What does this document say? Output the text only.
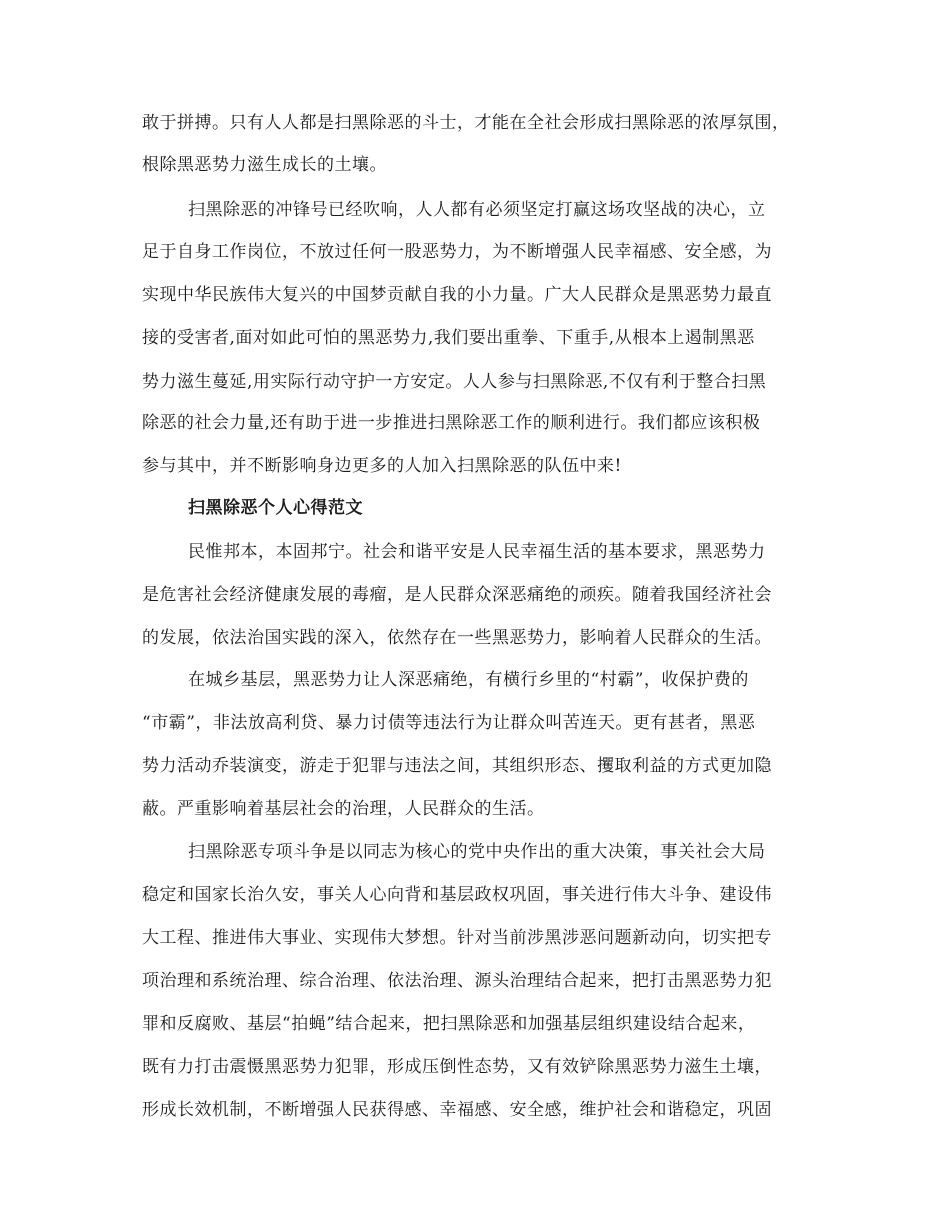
敢于拼搏。只有人人都是扫黑除恶的斗士，才能在全社会形成扫黑除恶的浓厚氛围，
根除黑恶势力滋生成长的土壤。
扫黑除恶的冲锋号已经吹响，人人都有必须坚定打赢这场攻坚战的决心，立
足于自身工作岗位，不放过任何一股恶势力，为不断增强人民幸福感、安全感，为
实现中华民族伟大复兴的中国梦贡献自我的小力量。广大人民群众是黑恶势力最直
接的受害者,面对如此可怕的黑恶势力,我们要出重拳、下重手,从根本上遏制黑恶
势力滋生蔓延,用实际行动守护一方安定。人人参与扫黑除恶,不仅有利于整合扫黑
除恶的社会力量,还有助于进一步推进扫黑除恶工作的顺利进行。我们都应该积极
参与其中，并不断影响身边更多的人加入扫黑除恶的队伍中来!
扫黑除恶个人心得范文
民惟邦本，本固邦宁。社会和谐平安是人民幸福生活的基本要求，黑恶势力
是危害社会经济健康发展的毒瘤，是人民群众深恶痛绝的顽疾。随着我国经济社会
的发展，依法治国实践的深入，依然存在一些黑恶势力，影响着人民群众的生活。
在城乡基层，黑恶势力让人深恶痛绝，有横行乡里的“村霸”，收保护费的
“市霸”，非法放高利贷、暴力讨债等违法行为让群众叫苦连天。更有甚者，黑恶
势力活动乔装演变，游走于犯罪与违法之间，其组织形态、攫取利益的方式更加隐
蔽。严重影响着基层社会的治理，人民群众的生活。
扫黑除恶专项斗争是以同志为核心的党中央作出的重大决策，事关社会大局
稳定和国家长治久安，事关人心向背和基层政权巩固，事关进行伟大斗争、建设伟
大工程、推进伟大事业、实现伟大梦想。针对当前涉黑涉恶问题新动向，切实把专
项治理和系统治理、综合治理、依法治理、源头治理结合起来，把打击黑恶势力犯
罪和反腐败、基层“拍蝇”结合起来，把扫黑除恶和加强基层组织建设结合起来，
既有力打击震慑黑恶势力犯罪，形成压倒性态势，又有效铲除黑恶势力滋生土壤，
形成长效机制，不断增强人民获得感、幸福感、安全感，维护社会和谐稳定，巩固
